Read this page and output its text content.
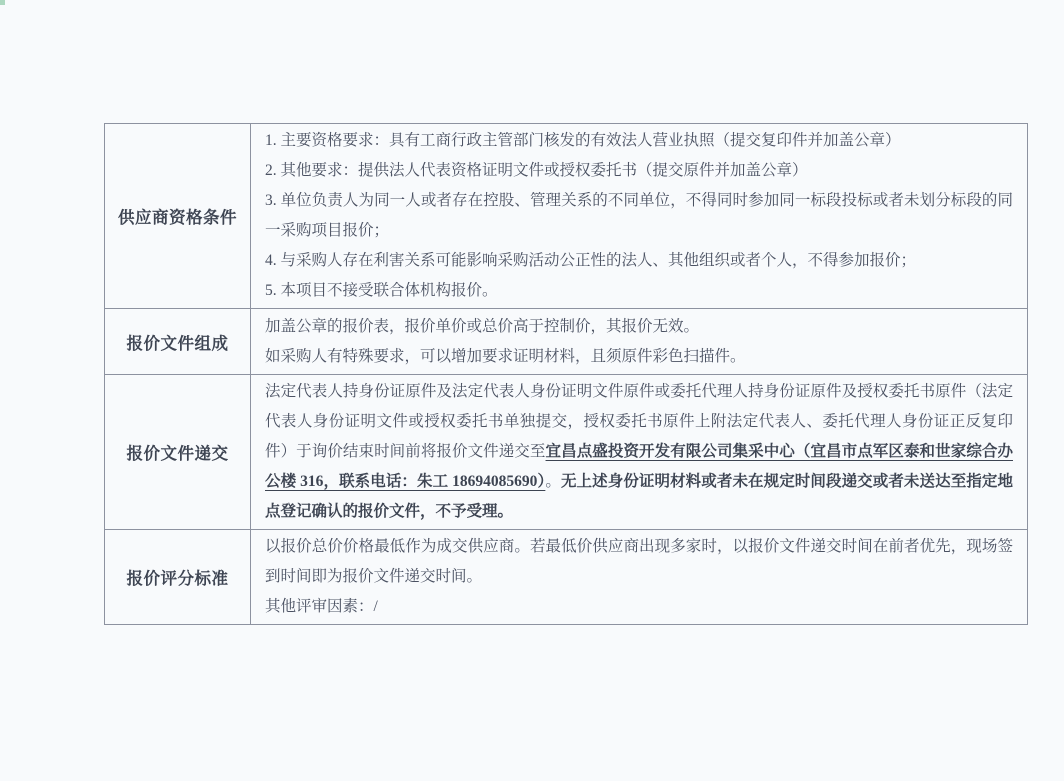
供应商资格条件
1. 主要资格要求：具有工商行政主管部门核发的有效法人营业执照（提交复印件并加盖公章）
2. 其他要求：提供法人代表资格证明文件或授权委托书（提交原件并加盖公章）
3. 单位负责人为同一人或者存在控股、管理关系的不同单位，不得同时参加同一标段投标或者未划分标段的同一采购项目报价；
4. 与采购人存在利害关系可能影响采购活动公正性的法人、其他组织或者个人，不得参加报价；
5. 本项目不接受联合体机构报价。
报价文件组成
加盖公章的报价表，报价单价或总价高于控制价，其报价无效。
如采购人有特殊要求，可以增加要求证明材料，且须原件彩色扫描件。
报价文件递交
法定代表人持身份证原件及法定代表人身份证明文件原件或委托代理人持身份证原件及授权委托书原件（法定代表人身份证明文件或授权委托书单独提交，授权委托书原件上附法定代表人、委托代理人身份证正反复印件）于询价结束时间前将报价文件递交至宜昌点盛投资开发有限公司集采中心（宜昌市点军区泰和世家综合办公楼 316，联系电话：朱工 18694085690）。无上述身份证明材料或者未在规定时间段递交或者未送达至指定地点登记确认的报价文件，不予受理。
报价评分标准
以报价总价价格最低作为成交供应商。若最低价供应商出现多家时，以报价文件递交时间在前者优先，现场签到时间即为报价文件递交时间。
其他评审因素：/
